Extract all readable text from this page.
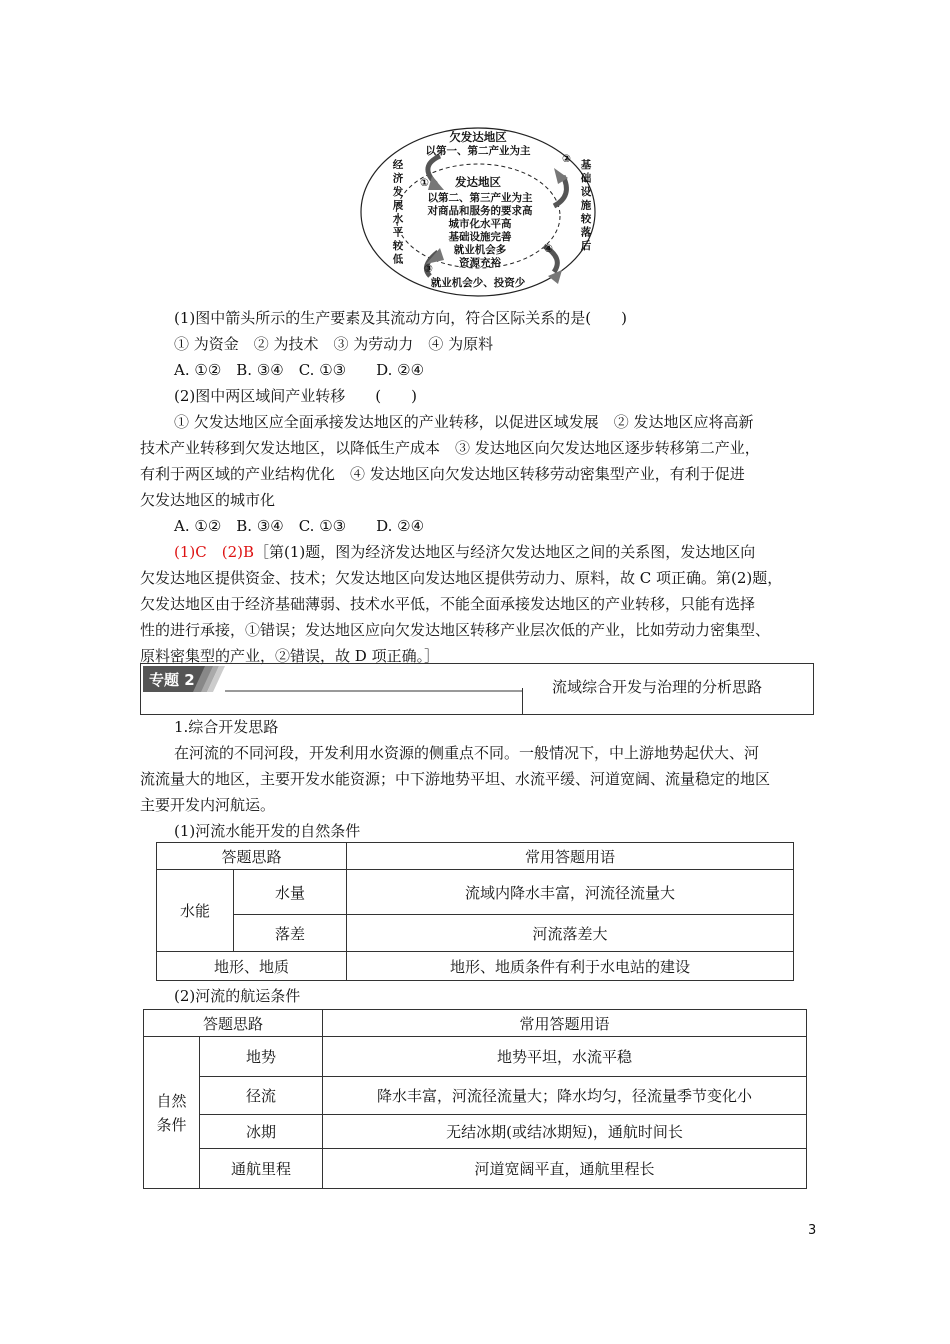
①
②
③
④
欠发达地区
以第一、第二产业为主
就业机会少、投资少
经
济
发
展
水
平
较
低
基
础
设
施
较
落
后
发达地区
以第二、第三产业为主
对商品和服务的要求高
城市化水平高
基础设施完善
就业机会多
资源充裕

(1)图中箭头所示的生产要素及其流动方向，符合区际关系的是(　　)

① 为资金　② 为技术　③ 为劳动力　④ 为原料

A. ①②　B. ③④　C. ①③　　D. ②④

(2)图中两区域间产业转移　　(　　)

① 欠发达地区应全面承接发达地区的产业转移，以促进区域发展　② 发达地区应将高新

技术产业转移到欠发达地区，以降低生产成本　③ 发达地区向欠发达地区逐步转移第二产业，

有利于两区域的产业结构优化　④ 发达地区向欠发达地区转移劳动密集型产业，有利于促进

欠发达地区的城市化

A. ①②　B. ③④　C. ①③　　D. ②④

(1)C　(2)B［第(1)题，图为经济发达地区与经济欠发达地区之间的关系图，发达地区向

欠发达地区提供资金、技术；欠发达地区向发达地区提供劳动力、原料，故 C 项正确。第(2)题，

欠发达地区由于经济基础薄弱、技术水平低，不能全面承接发达地区的产业转移，只能有选择

性的进行承接，①错误；发达地区应向欠发达地区转移产业层次低的产业，比如劳动力密集型、

原料密集型的产业，②错误，故 D 项正确。］

专题 2	流域综合开发与治理的分析思路

1.综合开发思路

在河流的不同河段，开发利用水资源的侧重点不同。一般情况下，中上游地势起伏大、河

流流量大的地区，主要开发水能资源；中下游地势平坦、水流平缓、河道宽阔、流量稳定的地区

主要开发内河航运。

(1)河流水能开发的自然条件

答题思路		常用答题用语
水能	水量	流域内降水丰富，河流径流量大
	落差	河流落差大
地形、地质		地形、地质条件有利于水电站的建设

(2)河流的航运条件

答题思路		常用答题用语
自然条件	地势	地势平坦，水流平稳
	径流	降水丰富，河流径流量大；降水均匀，径流量季节变化小
	冰期	无结冰期(或结冰期短)，通航时间长
	通航里程	河道宽阔平直，通航里程长
3
